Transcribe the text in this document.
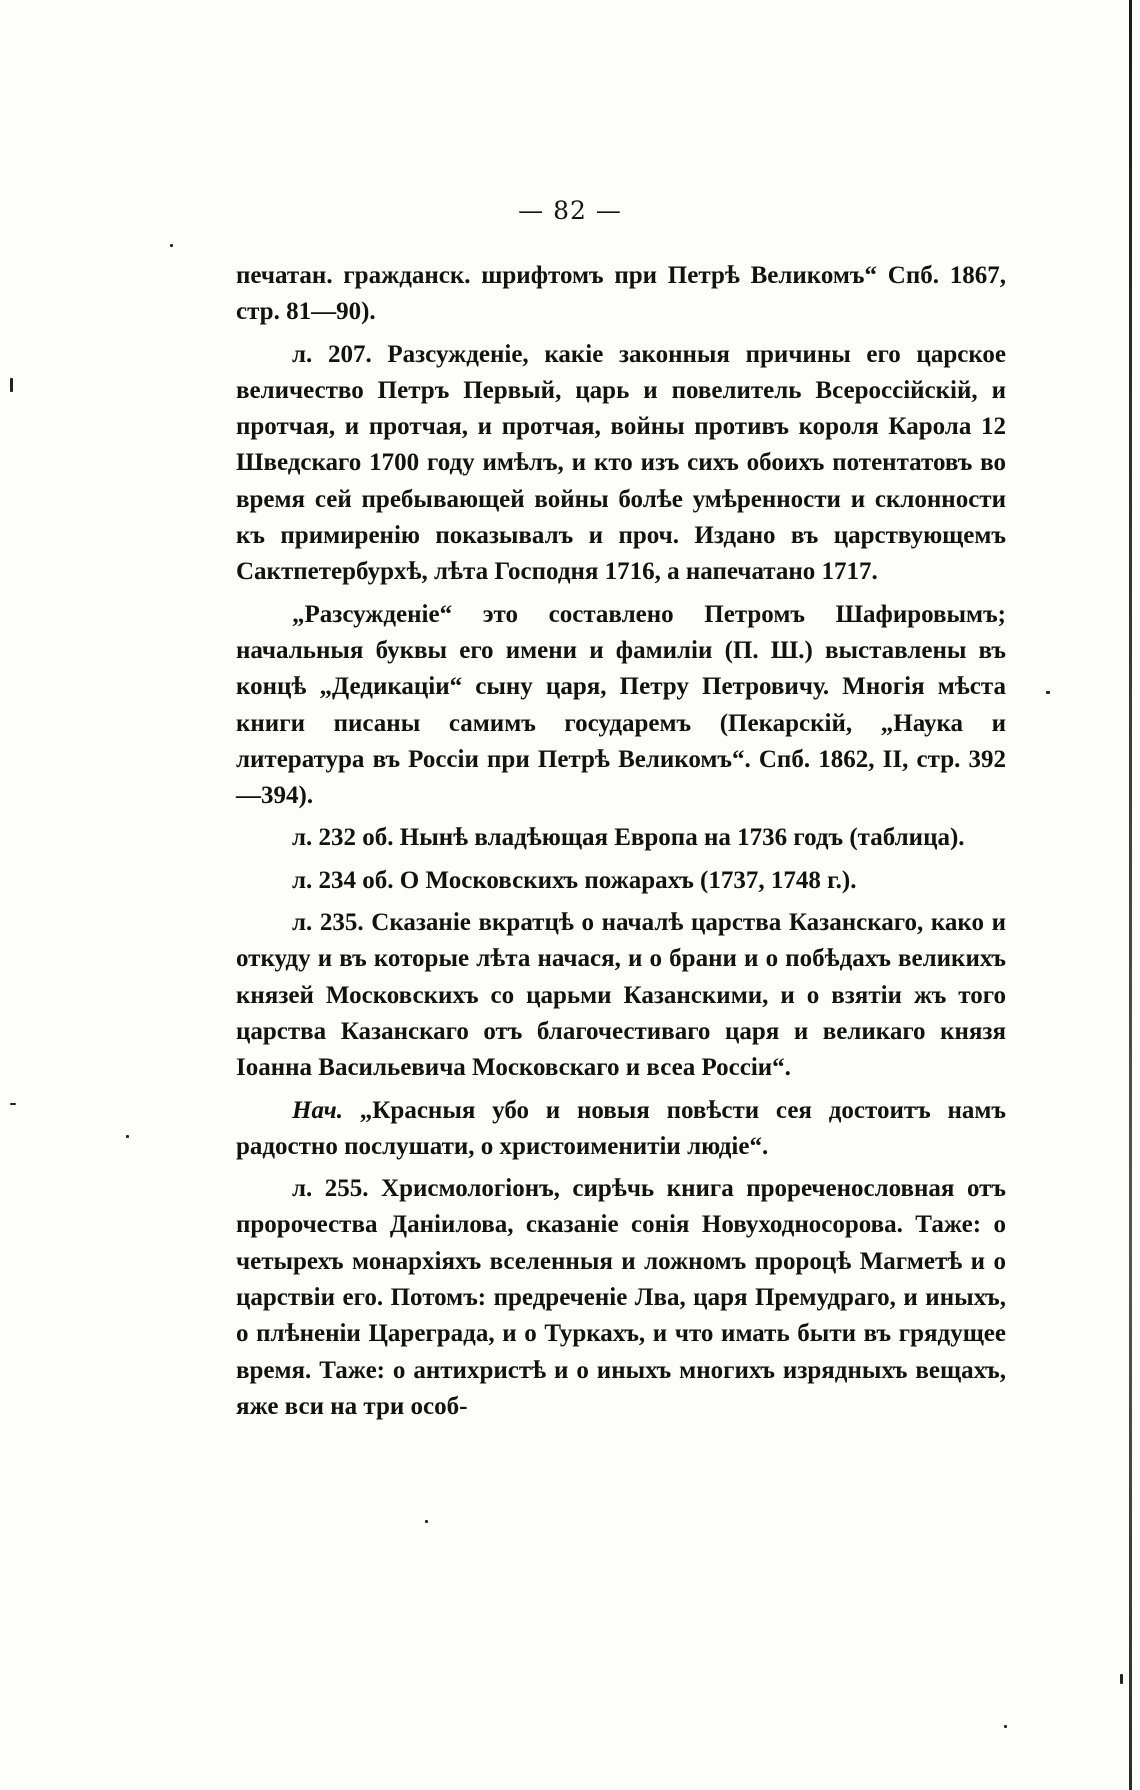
— 82 —

печатан. гражданск. шрифтомъ при Петрѣ Великомъ“ Спб. 1867, стр. 81—90).

л. 207. Разсужденіе, какіе законныя причины его царское величество Петръ Первый, царь и повелитель Всероссійскій, и протчая, и протчая, и протчая, войны противъ короля Карола 12 Шведскаго 1700 году имѣлъ, и кто изъ сихъ обоихъ потентатовъ во время сей пребывающей войны болѣе умѣренности и склонности къ примиренію показывалъ и проч. Издано въ царствующемъ Сактпетербурхѣ, лѣта Господня 1716, а напечатано 1717.

„Разсужденіе“ это составлено Петромъ Шафировымъ; начальныя буквы его имени и фамиліи (П. Ш.) выставлены въ концѣ „Дедикаціи“ сыну царя, Петру Петровичу. Многія мѣста книги писаны самимъ государемъ (Пекарскій, „Наука и литература въ Россіи при Петрѣ Великомъ“. Спб. 1862, II, стр. 392—394).

л. 232 об. Нынѣ владѣющая Европа на 1736 годъ (таблица).

л. 234 об. О Московскихъ пожарахъ (1737, 1748 г.).

л. 235. Сказаніе вкратцѣ о началѣ царства Казанскаго, како и откуду и въ которые лѣта начася, и о брани и о побѣдахъ великихъ князей Московскихъ со царьми Казанскими, и о взятіи жъ того царства Казанскаго отъ благочестиваго царя и великаго князя Іоанна Васильевича Московскаго и всеа Россіи“.

Нач. „Красныя убо и новыя повѣсти сея достоитъ намъ радостно послушати, о христоименитіи людіе“.

л. 255. Хрисмологіонъ, сирѣчь книга прореченословная отъ пророчества Даніилова, сказаніе сонія Новуходносорова. Таже: о четырехъ монархіяхъ вселенныя и ложномъ пророцѣ Магметѣ и о царствіи его. Потомъ: предреченіе Лва, царя Премудраго, и иныхъ, о плѣненіи Цареграда, и о Туркахъ, и что имать быти въ грядущее время. Таже: о антихристѣ и о иныхъ многихъ изрядныхъ вещахъ, яже вси на три особ-
